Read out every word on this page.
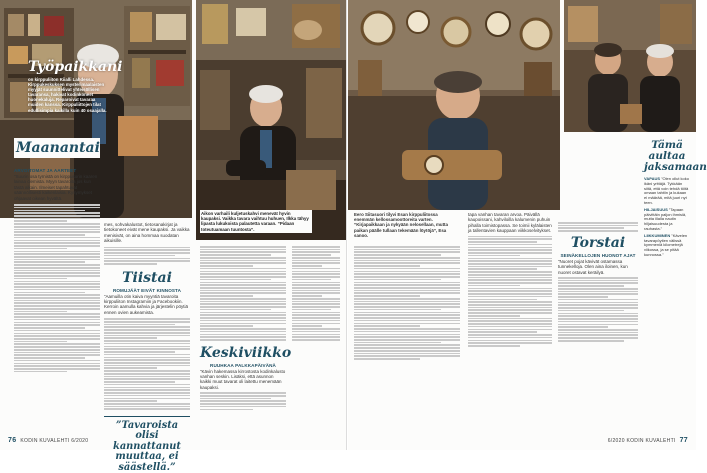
Työpaikkani
on kirppuliiton Kiialli Lahdessa. Kirppukeskuksen mysterimaalaisten myyjät suunnittelivat yhteisöllisen tavaransa, hakivat kodinkoneet huonekaluja. Reparoivat tavaraa muiden kanssa. Kirppuliittojen tilat edullisimpia kaikilla kuin 40 osaajalla.
Maanantai
ARVOITOMAT JA AARTEET
”Suurin osa tyrnistä on kirppusorin kaaren lainaa clemista. Myyn tavaroita jos kun tästä alkain. Ilmeiset tapahtuvat säännöllisesti kaikenlaisia. Kysymykset ohjaavat oikean hyvältä.
mes, sohvakalustot, tietosanakirjat ja tietokoneet eivät mene kaupaksi. Ja vaikka menisivät, on aina hommaa suodatan aikuisille.
Tiistai
ROMUJÄÄT EIVÄT KINNOSTA
”Aamuilla otin kaiva myyntiä tavaroita kirppuliiton Instagramiin ja Facebookiin. Kerroin aamulla kahvia ja järjestelin pöytiä ennen ovien aukeamista.
”Tavaroista olisi kannattanut muuttaa, ei säästellä.”
Aikon varhaili kuljetuskahvi menevät hyvin kaupaksi. Vaikka tavara vaihtuu huhuen, Ilkka tähyy lipasta lukukoista palautetta varaan. ”Pidaan toteutuamaan tuuntosta”.
Keskiviikko
RUUHKAA PALKKAPÄIVÄNÄ
”Kävin hakemassa kirrostosta kodinkalusto vanhan seskin. Lisäksi, että asunnon kaikki muut tavarat oli laitettu menemään kaupaksi.
76 KODIN KUVALEHTI 6/2020
Eero Siitasuori tilyvi Esan kirppuliitossa enemmän kellossamoottoreita varten. ”Kirjapaikkaan ja nykyään nelosellaan, mutta paikan päälle tullaan tekemään löytöjä”, Esa sanoo.
tapa vanhan tavaran arvoa. Päivällä kaupoissani, kahviloilla kalumenin puhuin pihalla toimistopassa. Se toimii kylälaisten ja tallentavien kauppaan viikkoselvitykset.
Torstai
SEINÄKELLOJEN HUONOT AJAT
”Nuoret pojat kävivät ostamassa tunnekelloja. Olen aina iloinen, kun nuoret ostavat keräilyä.
Tämä aultaa jaksamaan
VAPAUS ”Olen ollut koko ikäni yrittäjä. Tykkään siitä, että voin tehdä töitä omaan tahtiin ja kukaan ei määrää, mitä juuri nyt teen.
HILJAISUUS ”Tapaan päivittäin paljon ihmisiä, mutta illalla nautin hiljaisuudesta ja rauhasta.”
LIIKKUMINEN ”Kävelen tavarapöytien välissä kymmeniä kilometrejä viikossa, ja se pitää kunnossa.”
6/2020 KODIN KUVALEHTI 77
